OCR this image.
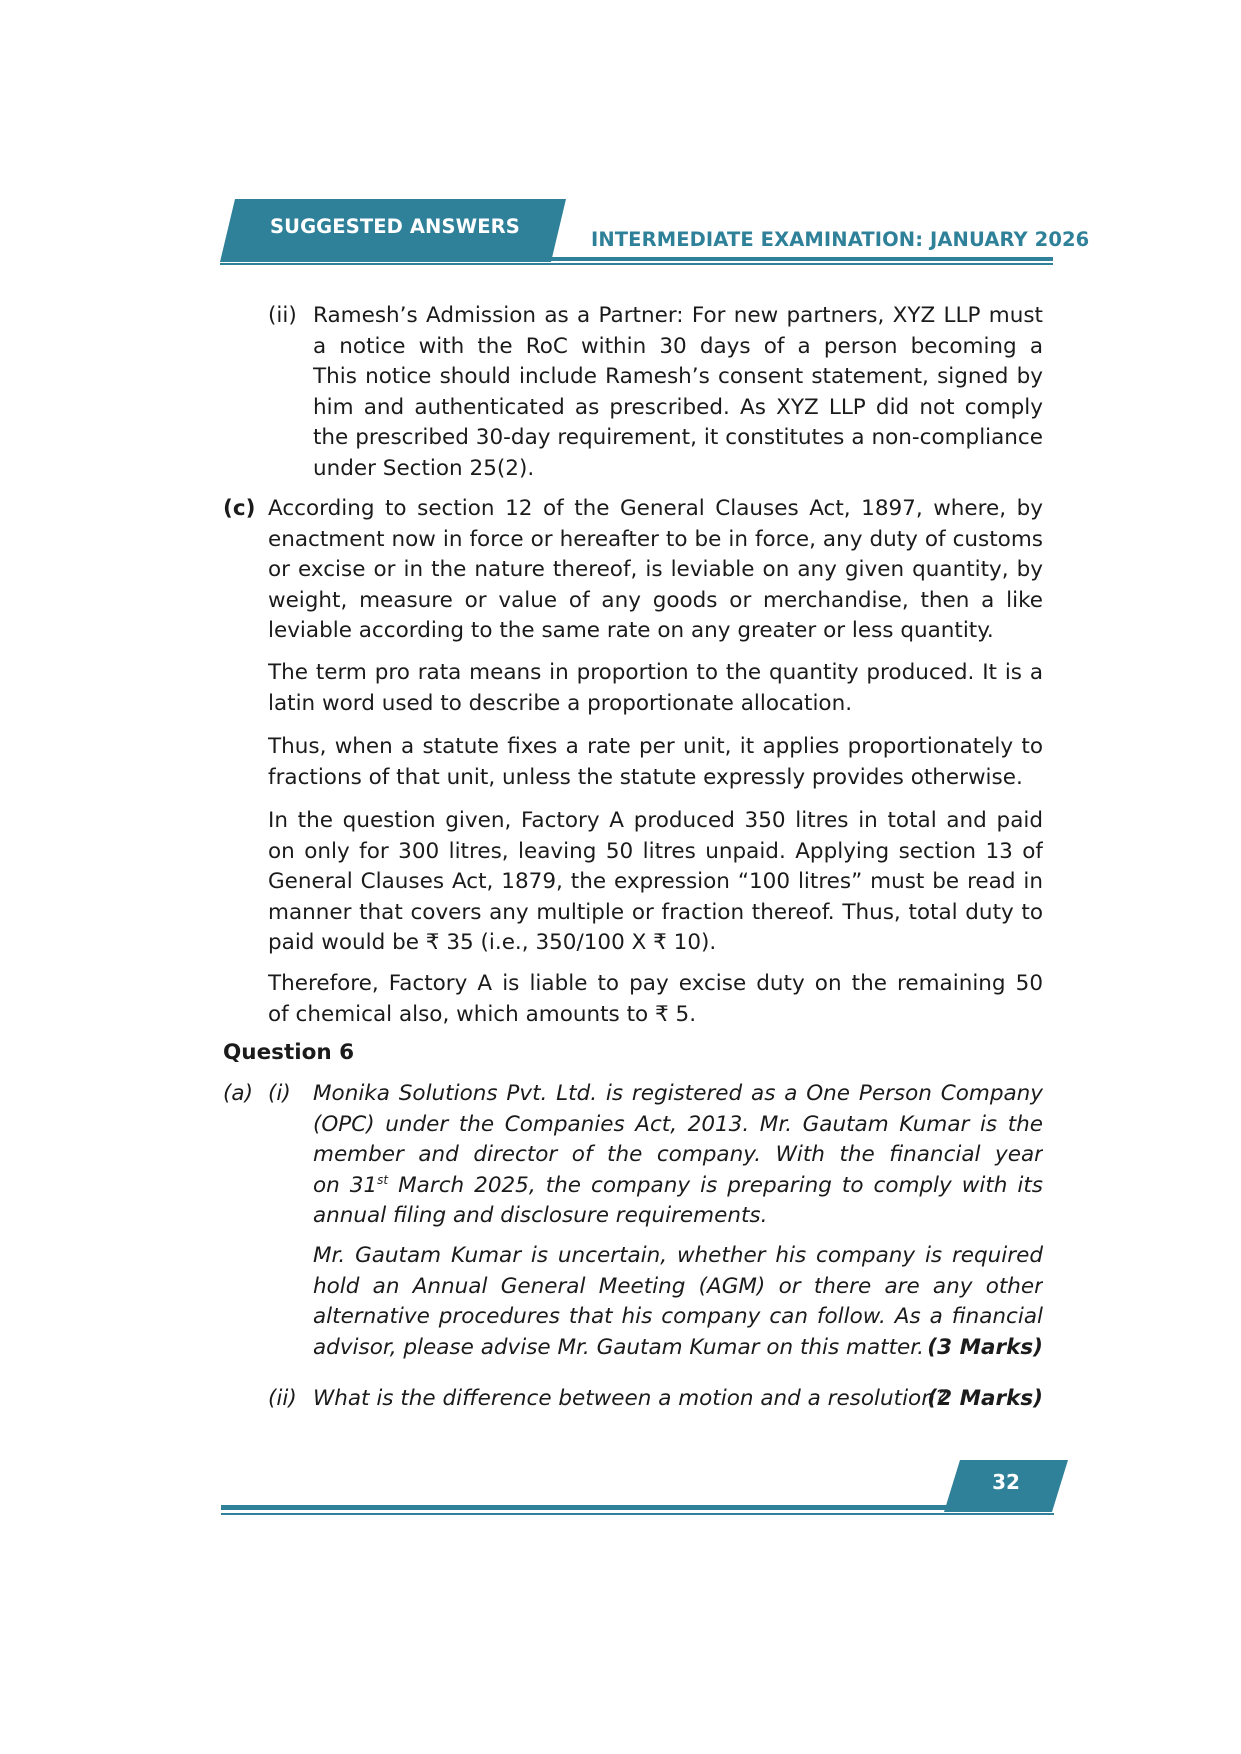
SUGGESTED ANSWERS
INTERMEDIATE EXAMINATION: JANUARY 2026
(ii) Ramesh’s Admission as a Partner: For new partners, XYZ LLP must
a notice with the RoC within 30 days of a person becoming a
This notice should include Ramesh’s consent statement, signed by
him and authenticated as prescribed. As XYZ LLP did not comply
the prescribed 30-day requirement, it constitutes a non-compliance
under Section 25(2).
(c) According to section 12 of the General Clauses Act, 1897, where, by
enactment now in force or hereafter to be in force, any duty of customs
or excise or in the nature thereof, is leviable on any given quantity, by
weight, measure or value of any goods or merchandise, then a like
leviable according to the same rate on any greater or less quantity.
The term pro rata means in proportion to the quantity produced. It is a
latin word used to describe a proportionate allocation.
Thus, when a statute fixes a rate per unit, it applies proportionately to
fractions of that unit, unless the statute expressly provides otherwise.
In the question given, Factory A produced 350 litres in total and paid
on only for 300 litres, leaving 50 litres unpaid. Applying section 13 of
General Clauses Act, 1879, the expression “100 litres” must be read in
manner that covers any multiple or fraction thereof. Thus, total duty to
paid would be ₹ 35 (i.e., 350/100 X ₹ 10).
Therefore, Factory A is liable to pay excise duty on the remaining 50
of chemical also, which amounts to ₹ 5.
Question 6
(a) (i) Monika Solutions Pvt. Ltd. is registered as a One Person Company
(OPC) under the Companies Act, 2013. Mr. Gautam Kumar is the
member and director of the company. With the financial year
on 31st March 2025, the company is preparing to comply with its
annual filing and disclosure requirements.
Mr. Gautam Kumar is uncertain, whether his company is required
hold an Annual General Meeting (AGM) or there are any other
alternative procedures that his company can follow. As a financial
advisor, please advise Mr. Gautam Kumar on this matter. (3 Marks)
(ii) What is the difference between a motion and a resolution?
(2 Marks)
32
